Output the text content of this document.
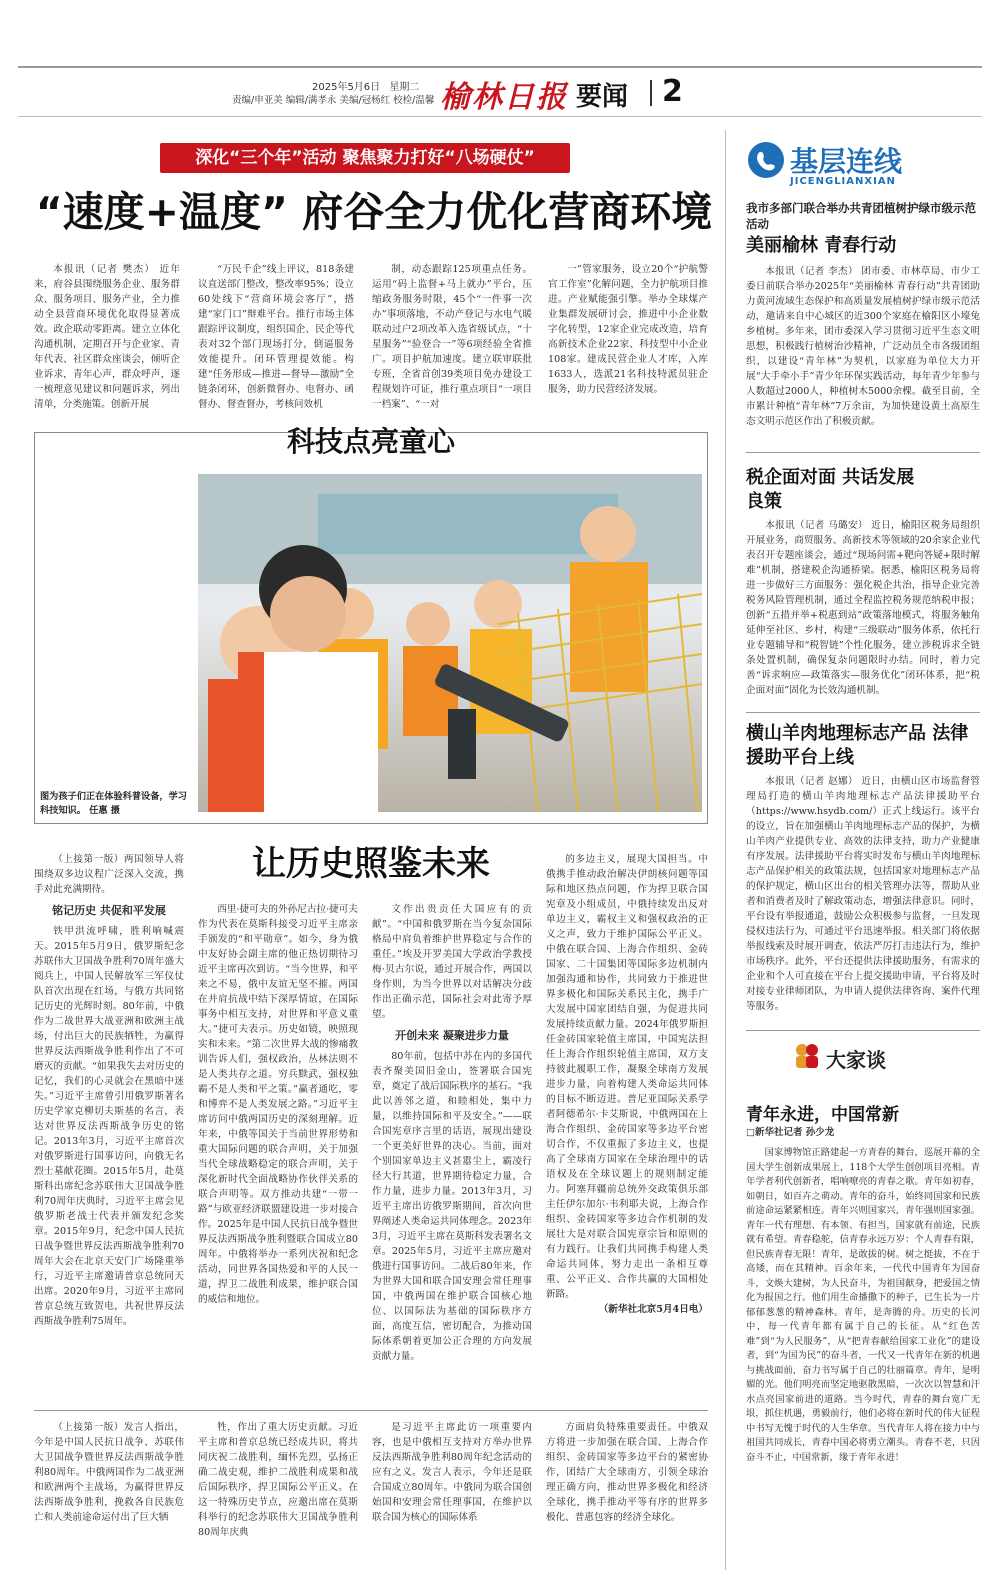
2025年5月6日 星期二
责编/申亚美 编辑/满孝永 美编/冠杨红 校检/温馨 榆林日报 要闻 2
深化“三个年”活动 聚焦聚力打好“八场硬仗”
“速度+温度” 府谷全力优化营商环境

本报讯（记者 樊杰） 近年来，府谷县围绕服务企业、服务群众、服务项目、服务产业，全力推动全县营商环境优化取得显著成效。政企联动零距离。建立立体化沟通机制，定期召开与企业家、青年代表、社区群众座谈会，倾听企业诉求，青年心声，群众呼声，逐一梳理意见建议和问题诉求，列出清单，分类施策。创新开展

“万民千企”线上评议，818条建议直送部门整改，整改率95%；设立60处线下“营商环境会客厅”，搭建“家门口”辩难平台。推行市场主体跟踪评议制度，组织国企、民企等代表对32个部门现场打分，倒逼服务效能提升。闭环管理提效能。构建“任务形成—推进—督导—激励”全链条闭环，创新微督办、电督办、函督办、督查督办，考核问效机

制，动态跟踪125项重点任务。运用“码上监督+马上就办”平台，压缩政务服务时限，45个“一件事一次办”事项落地，不动产登记与水电气暖联动过户2项改革入选省级试点，“十星服务”“验登合一”等6项经验全省推广。项目护航加速度。建立联审联批专班，全省首创39类项目免办建设工程规划许可证，推行重点项目“一项目一档案”、“一对

一”管家服务，设立20个“护航警官工作室”化解问题，全力护航项目推进。产业赋能强引擎。举办全球煤产业集群发展研讨会，推进中小企业数字化转型，12家企业完成改造，培育高新技术企业22家、科技型中小企业108家。建成民营企业人才库，入库1633人，选派21名科技特派员驻企服务，助力民营经济发展。

科技点亮童心

图为孩子们正在体验科普设备，学习科技知识。 任惠 摄
让历史照鉴未来

（上接第一版）两国领导人将围绕双多边议程广泛深入交流，携手对此充满期待。

铭记历史 共促和平发展

铁甲洪流呼啸，胜利响喊震天。2015年5月9日，俄罗斯纪念苏联伟大卫国战争胜利70周年盛大阅兵上，中国人民解放军三军仪仗队首次出现在红场，与俄方共同铭记历史的光辉时刻。80年前，中俄作为二战世界大战亚洲和欧洲主战场，付出巨大的民族牺牲，为赢得世界反法西斯战争胜利作出了不可磨灭的贡献。“如果我失去对历史的记忆，我们的心灵就会在黑暗中迷失。”习近平主席曾引用俄罗斯著名历史学家克柳切夫斯基的名言，表达对世界反法西斯战争历史的铭记。2013年3月，习近平主席首次对俄罗斯进行国事访问，向俄无名烈士墓献花圈。2015年5月，赴莫斯科出席纪念苏联伟大卫国战争胜利70周年庆典时，习近平主席会见俄罗斯老战士代表并颁发纪念奖章。2015年9月，纪念中国人民抗日战争暨世界反法西斯战争胜利70周年大会在北京天安门广场隆重举行，习近平主席邀请普京总统同天出席。2020年9月，习近平主席同普京总统互致贺电，共祝世界反法西斯战争胜利75周年。

西里·捷可夫的外孙尼古拉·捷可夫作为代表在莫斯科接受习近平主席亲手颁发的“和平勋章”。如今，身为俄中友好协会副主席的他正热切期待习近平主席再次到访。“当今世界，和平来之不易，俄中友谊无坚不摧。两国在并肩抗战中结下深厚情谊，在国际事务中相互支持，对世界和平意义重大。”捷可夫表示。历史如镜，映照现实和未来。“第二次世界大战的惨痛教训告诉人们，强权政治，丛林法则不是人类共存之道。穷兵黩武，强权独霸不是人类和平之策。”赢者通吃，零和博弈不是人类发展之路。”习近平主席访问中俄两国历史的深刻理解。近年来，中俄等国关于当前世界形势和重大国际问题的联合声明，关于加强当代全球战略稳定的联合声明，关于深化新时代全面战略协作伙伴关系的联合声明等。双方推动共建“一带一路”与欧亚经济联盟建设进一步对接合作。2025年是中国人民抗日战争暨世界反法西斯战争胜利暨联合国成立80周年。中俄将举办一系列庆祝和纪念活动，同世界各国热爱和平的人民一道，捍卫二战胜利成果，维护联合国的威信和地位。

文作出贵贡任大国应有的贡献”。“中国和俄罗斯在当今复杂国际格局中肩负着维护世界稳定与合作的重任。”埃及开罗美国大学政治学教授梅·贝古尔说，通过开展合作，两国以身作则，为当今世界以对话解决分歧作出正确示范，国际社会对此寄予厚望。

开创未来 凝聚进步力量

80年前，包括中苏在内的多国代表齐聚美国旧金山，签署联合国宪章，奠定了战后国际秩序的基石。“我此以善邻之道，和睦相处，集中力量，以维持国际和平及安全。”——联合国宪章序言里的话语，展现出建设一个更美好世界的决心。当前，面对个别国家单边主义甚嚣尘上，霸凌行径大行其道，世界期待稳定力量，合作力量，进步力量。2013年3月，习近平主席出访俄罗斯期间，首次向世界阐述人类命运共同体理念。2023年3月，习近平主席在莫斯科发表署名文章。2025年5月，习近平主席应邀对俄进行国事访问。二战后80年来，作为世界大国和联合国安理会常任理事国，中俄两国在维护联合国核心地位、以国际法为基础的国际秩序方面，高度互信，密切配合，为推动国际体系朝着更加公正合理的方向发展贡献力量。

的多边主义，展现大国担当。中俄携手推动政治解决伊朗核问题等国际和地区热点问题，作为捍卫联合国宪章及小组成员，中俄持续发出反对单边主义，霸权主义和强权政治的正义之声，致力于维护国际公平正义。中俄在联合国、上海合作组织、金砖国家、二十国集团等国际多边机制内加强沟通和协作，共同致力于推进世界多极化和国际关系民主化，携手广大发展中国家团结自强，为促进共同发展持续贡献力量。2024年俄罗斯担任金砖国家轮值主席国，中国宪法担任上海合作组织轮值主席国，双方支持彼此履职工作，凝聚全球南方发展进步力量，向着构建人类命运共同体的目标不断迈进。普尼亚国际关系学者阿德希尔·卡艾斯说，中俄两国在上海合作组织、金砖国家等多边平台密切合作，不仅重振了多边主义，也提高了全球南方国家在全球治理中的话语权及在全球议题上的规则制定能力。阿塞拜疆前总统外交政策俱乐部主任伊尔加尔·韦利耶夫说，上海合作组织、金砖国家等多边合作机制的发展壮大是对联合国宪章宗旨和原则的有力践行。让我们共同携手构建人类命运共同体，努力走出一条相互尊重、公平正义、合作共赢的大国相处新路。

（新华社北京5月4日电）

（上接第一版）发言人指出，今年是中国人民抗日战争、苏联伟大卫国战争暨世界反法西斯战争胜利80周年。中俄两国作为二战亚洲和欧洲两个主战场，为赢得世界反法西斯战争胜利，挽救各自民族危亡和人类前途命运付出了巨大牺

牲，作出了重大历史贡献。习近平主席和普京总统已经成共识，将共同庆祝二战胜利，缅怀先烈，弘扬正确二战史观，维护二战胜利成果和战后国际秩序，捍卫国际公平正义。在这一特殊历史节点，应邀出席在莫斯科举行的纪念苏联伟大卫国战争胜利80周年庆典

是习近平主席此访一项重要内容，也是中俄相互支持对方举办世界反法西斯战争胜利80周年纪念活动的应有之义。发言人表示，今年还是联合国成立80周年。中俄同为联合国创始国和安理会常任理事国，在维护以联合国为核心的国际体系

方面肩负特殊重要责任。中俄双方将进一步加强在联合国、上海合作组织、金砖国家等多边平台的紧密协作，团结广大全球南方，引领全球治理正确方向，推动世界多极化和经济全球化，携手推动平等有序的世界多极化、普惠包容的经济全球化。

基层连线
JICENGLIANXIAN
我市多部门联合举办共青团植树护绿市级示范活动
美丽榆林 青春行动

本报讯（记者 李杰） 团市委、市林草局、市少工委日前联合举办2025年“美丽榆林 青春行动”共青团助力黄河流域生态保护和高质量发展植树护绿市级示范活动，邀请来自中心城区的近300个家庭在榆阳区小壕兔乡植树。多年来，团市委深入学习贯彻习近平生态文明思想，积极践行植树治沙精神，广泛动员全市各级团组织，以建设“青年林”为契机，以家庭为单位大力开展“大手牵小手”青少年环保实践活动，每年青少年参与人数超过2000人，种植树木5000余棵。截至目前，全市累计种植“青年林”7万余亩，为加快建设黄土高原生态文明示范区作出了积极贡献。

税企面对面 共话发展良策

本报讯（记者 马璐安） 近日，榆阳区税务局组织开展业务，商贸服务、高新技术等领域的20余家企业代表召开专题座谈会，通过“现场问需+靶向答疑+限时解难”机制，搭建税企沟通桥梁。据悉，榆阳区税务局将进一步做好三方面服务：强化税企共治，指导企业完善税务风险管理机制，通过全程监控税务规范纳税申报；创新“五措并举+税惠到站”政策落地模式，将服务触角延伸至社区、乡村，构建“三级联动”服务体系，依托行业专题辅导和“税智链”个性化服务，建立涉税诉求全链条处置机制，确保复杂问题限时办结。同时，着力完善“诉求响应—政策落实—服务优化”闭环体系，把“税企面对面”固化为长效沟通机制。

横山羊肉地理标志产品 法律援助平台上线

本报讯（记者 赵娜） 近日，由横山区市场监督管理局打造的横山羊肉地理标志产品法律援助平台（https://www.hsydb.com/）正式上线运行。该平台的设立，旨在加强横山羊肉地理标志产品的保护，为横山羊肉产业提供专业、高效的法律支持，助力产业健康有序发展。法律援助平台将实时发布与横山羊肉地理标志产品保护相关的政策法规，包括国家对地理标志产品的保护规定，横山区出台的相关管理办法等，帮助从业者和消费者及时了解政策动态，增强法律意识。同时，平台设有举报通道，鼓励公众积极参与监督，一旦发现侵权违法行为，可通过平台迅速举报。相关部门将依据举报线索及时展开调查，依法严厉打击违法行为，维护市场秩序。此外，平台还提供法律援助服务，有需求的企业和个人可直接在平台上提交援助申请，平台将及时对接专业律师团队，为申请人提供法律咨询、案件代理等服务。

大家谈
青年永进，中国常新
□新华社记者 孙少龙

国家博物馆正路建起一方青春的舞台，巡展开幕的全国大学生创新成果展上，118个大学生创创项目亮相。青年学者利代创新者，唱响嘹亮的青春之歌。青年如初春，如朝日，如百卉之萌动。青年的奋斗，始终同国家和民族前途命运紧紧相连。青年兴则国家兴，青年强则国家强。青年一代有理想、有本领、有担当，国家就有前途，民族就有希望。青春稳舵，信青春永远万岁：个人青春有限，但民族青春无限！青年，是敢拔的树。树之挺拔，不在于高矮，而在其精神。百余年来，一代代中国青年为国奋斗，文焕大建树，为人民奋斗，为祖国献身，把爱国之情化为报国之行。他们用生命播撒下的种子，已生长为一片郁郁葱葱的精神森林。青年，是奔腾的舟。历史的长河中，每一代青年都有属于自己的长征。从“红色苦难”到“为人民服务”，从“把青春献给国家工业化”的建设者，到“为国为民”的奋斗者，一代又一代青年在新的机遇与挑战面前，奋力书写属于自己的壮丽篇章。青年，是明媚的光。他们明亮而坚定地驱散黑暗，一次次以智慧和汗水点亮国家前进的道路。当今时代，青春的舞台宽广无垠，抓住机遇，勇毅前行，他们必将在新时代的伟大征程中书写无愧于时代的人生华章。当代青年人将在接力中与祖国共同成长，青春中国必将勇立潮头。青春不老，只因奋斗不止，中国常新，缘于青年永进！
